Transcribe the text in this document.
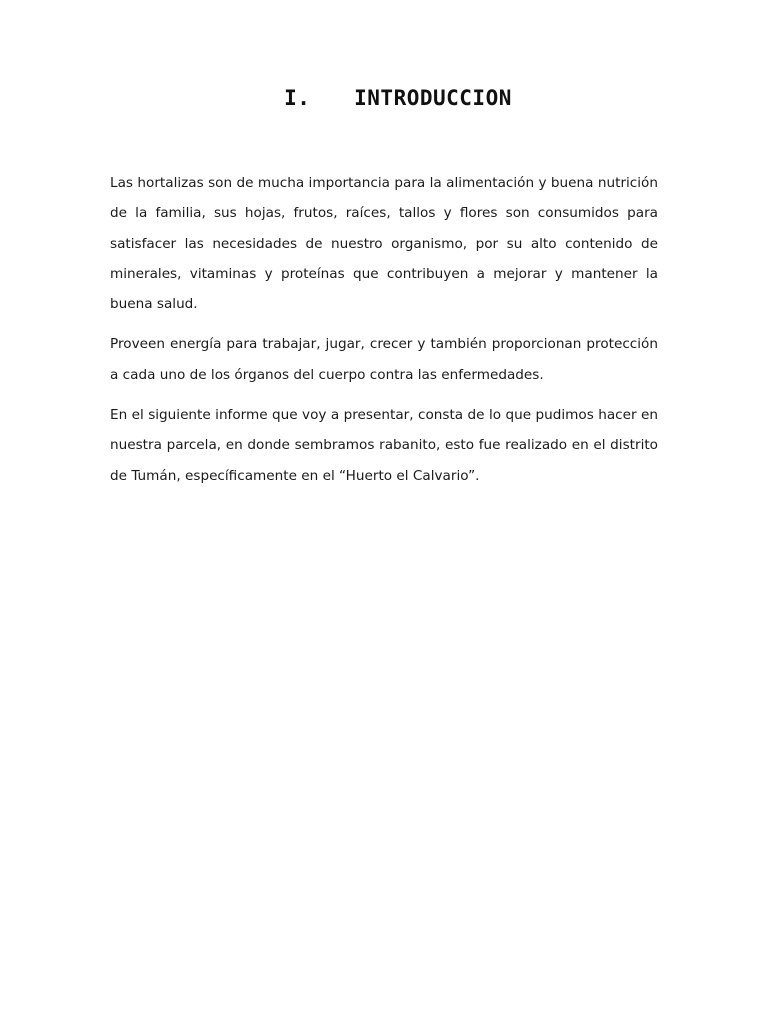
I. INTRODUCCION

Las hortalizas son de mucha importancia para la alimentación y buena nutrición de la familia, sus hojas, frutos, raíces, tallos y flores son consumidos para satisfacer las necesidades de nuestro organismo, por su alto contenido de minerales, vitaminas y proteínas que contribuyen a mejorar y mantener la buena salud.

Proveen energía para trabajar, jugar, crecer y también proporcionan protección a cada uno de los órganos del cuerpo contra las enfermedades.

En el siguiente informe que voy a presentar, consta de lo que pudimos hacer en nuestra parcela, en donde sembramos rabanito, esto fue realizado en el distrito de Tumán, específicamente en el “Huerto el Calvario”.
